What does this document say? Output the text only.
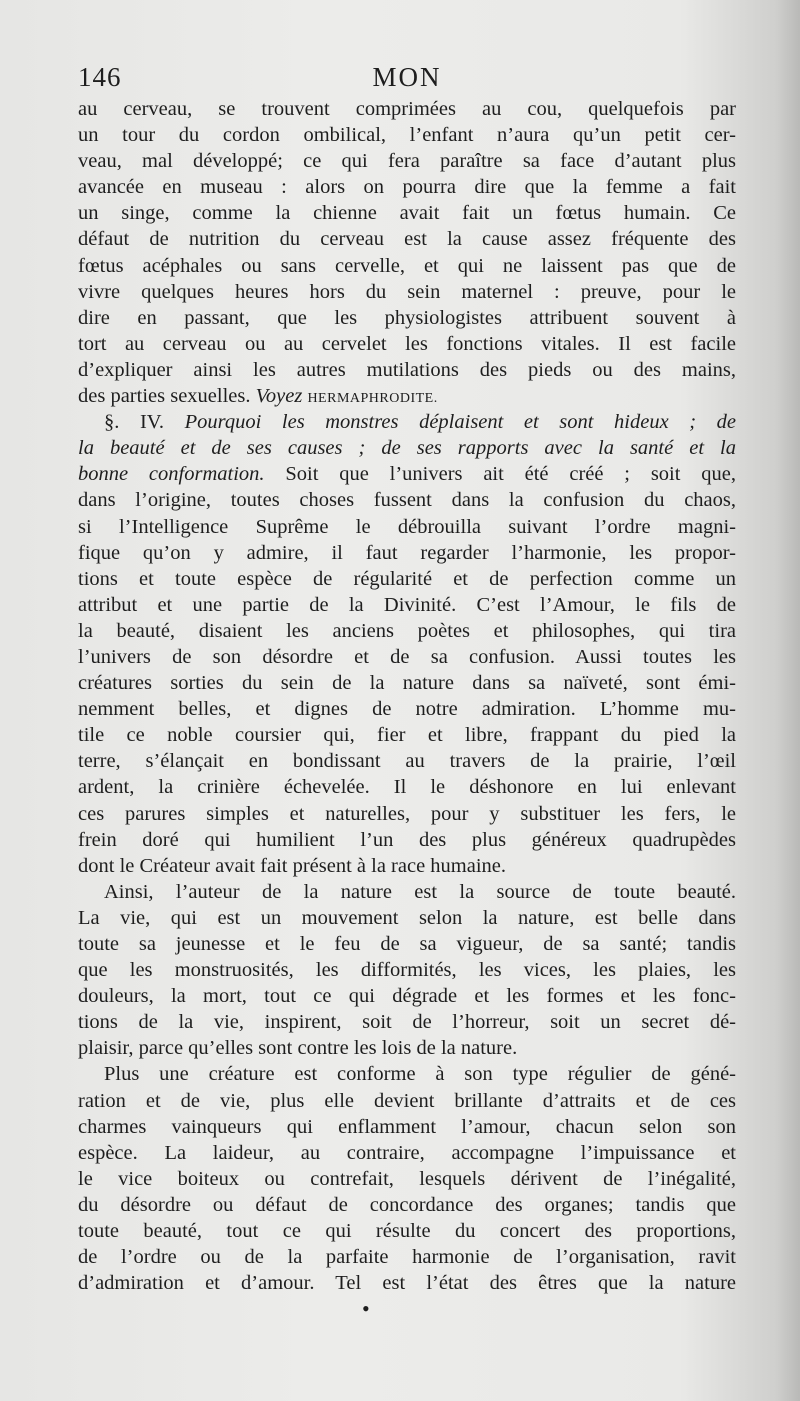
146	MON
au cerveau, se trouvent comprimées au cou, quelquefois par
un tour du cordon ombilical, l’enfant n’aura qu’un petit cer-
veau, mal développé; ce qui fera paraître sa face d’autant plus
avancée en museau : alors on pourra dire que la femme a fait
un singe, comme la chienne avait fait un fœtus humain. Ce
défaut de nutrition du cerveau est la cause assez fréquente des
fœtus acéphales ou sans cervelle, et qui ne laissent pas que de
vivre quelques heures hors du sein maternel : preuve, pour le
dire en passant, que les physiologistes attribuent souvent à
tort au cerveau ou au cervelet les fonctions vitales. Il est facile
d’expliquer ainsi les autres mutilations des pieds ou des mains,
des parties sexuelles. Voyez HERMAPHRODITE.
§. IV. Pourquoi les monstres déplaisent et sont hideux ; de
la beauté et de ses causes ; de ses rapports avec la santé et la
bonne conformation. Soit que l’univers ait été créé ; soit que,
dans l’origine, toutes choses fussent dans la confusion du chaos,
si l’Intelligence Suprême le débrouilla suivant l’ordre magni-
fique qu’on y admire, il faut regarder l’harmonie, les propor-
tions et toute espèce de régularité et de perfection comme un
attribut et une partie de la Divinité. C’est l’Amour, le fils de
la beauté, disaient les anciens poètes et philosophes, qui tira
l’univers de son désordre et de sa confusion. Aussi toutes les
créatures sorties du sein de la nature dans sa naïveté, sont émi-
nemment belles, et dignes de notre admiration. L’homme mu-
tile ce noble coursier qui, fier et libre, frappant du pied la
terre, s’élançait en bondissant au travers de la prairie, l’œil
ardent, la crinière échevelée. Il le déshonore en lui enlevant
ces parures simples et naturelles, pour y substituer les fers, le
frein doré qui humilient l’un des plus généreux quadrupèdes
dont le Créateur avait fait présent à la race humaine.
Ainsi, l’auteur de la nature est la source de toute beauté.
La vie, qui est un mouvement selon la nature, est belle dans
toute sa jeunesse et le feu de sa vigueur, de sa santé; tandis
que les monstruosités, les difformités, les vices, les plaies, les
douleurs, la mort, tout ce qui dégrade et les formes et les fonc-
tions de la vie, inspirent, soit de l’horreur, soit un secret dé-
plaisir, parce qu’elles sont contre les lois de la nature.
Plus une créature est conforme à son type régulier de géné-
ration et de vie, plus elle devient brillante d’attraits et de ces
charmes vainqueurs qui enflamment l’amour, chacun selon son
espèce. La laideur, au contraire, accompagne l’impuissance et
le vice boiteux ou contrefait, lesquels dérivent de l’inégalité,
du désordre ou défaut de concordance des organes; tandis que
toute beauté, tout ce qui résulte du concert des proportions,
de l’ordre ou de la parfaite harmonie de l’organisation, ravit
d’admiration et d’amour. Tel est l’état des êtres que la nature
•
